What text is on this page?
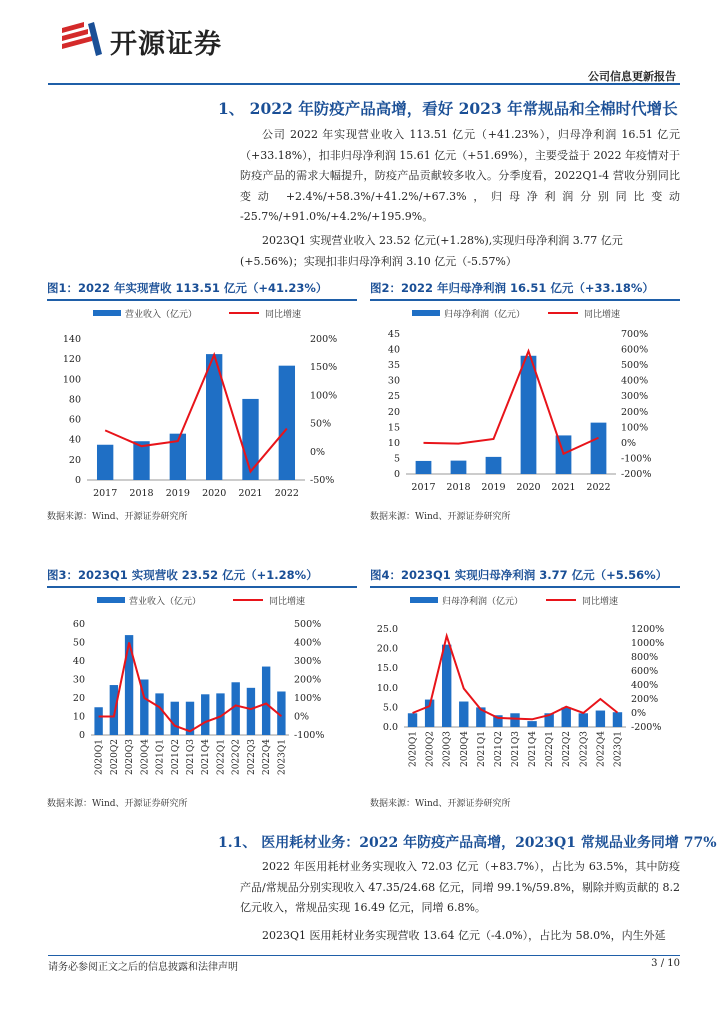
开源证券
公司信息更新报告
1、 2022 年防疫产品高增，看好 2023 年常规品和全棉时代增长
公司 2022 年实现营业收入 113.51 亿元（+41.23%），归母净利润 16.51 亿元（+33.18%），扣非归母净利润 15.61 亿元（+51.69%），主要受益于 2022 年疫情对于防疫产品的需求大幅提升，防疫产品贡献较多收入。分季度看，2022Q1-4 营收分别同比变动 +2.4%/+58.3%/+41.2%/+67.3%，归母净利润分别同比变动 -25.7%/+91.0%/+4.2%/+195.9%。
2023Q1 实现营业收入 23.52 亿元(+1.28%),实现归母净利润 3.77 亿元(+5.56%)；实现扣非归母净利润 3.10 亿元（-5.57%）
图1：2022 年实现营收 113.51 亿元（+41.23%）
营业收入（亿元）	同比增速
0
20
40
60
80
100
120
140
-50%
0%
50%
100%
150%
200%
2017 2018 2019 2020 2021 2022
数据来源：Wind、开源证券研究所
图2：2022 年归母净利润 16.51 亿元（+33.18%）
归母净利润（亿元）	同比增速
0
5
10
15
20
25
30
35
40
45
-200%
-100%
0%
100%
200%
300%
400%
500%
600%
700%
2017 2018 2019 2020 2021 2022
数据来源：Wind、开源证券研究所
图3：2023Q1 实现营收 23.52 亿元（+1.28%）
营业收入（亿元）	同比增速
0
10
20
30
40
50
60
-100%
0%
100%
200%
300%
400%
500%
2020Q1 2020Q2 2020Q3 2020Q4 2021Q1 2021Q2 2021Q3 2021Q4 2022Q1 2022Q2 2022Q3 2022Q4 2023Q1
数据来源：Wind、开源证券研究所
图4：2023Q1 实现归母净利润 3.77 亿元（+5.56%）
归母净利润（亿元）	同比增速
0.0
5.0
10.0
15.0
20.0
25.0
-200%
0%
200%
400%
600%
800%
1000%
1200%
2020Q1 2020Q2 2020Q3 2020Q4 2021Q1 2021Q2 2021Q3 2021Q4 2022Q1 2022Q2 2022Q3 2022Q4 2023Q1
数据来源：Wind、开源证券研究所
1.1、 医用耗材业务：2022 年防疫产品高增，2023Q1 常规品业务同增 77%
2022 年医用耗材业务实现收入 72.03 亿元（+83.7%），占比为 63.5%，其中防疫产品/常规品分别实现收入 47.35/24.68 亿元，同增 99.1%/59.8%，剔除并购贡献的 8.2 亿元收入，常规品实现 16.49 亿元，同增 6.8%。
2023Q1 医用耗材业务实现营收 13.64 亿元（-4.0%），占比为 58.0%，内生外延
请务必参阅正文之后的信息披露和法律声明	3 / 10
